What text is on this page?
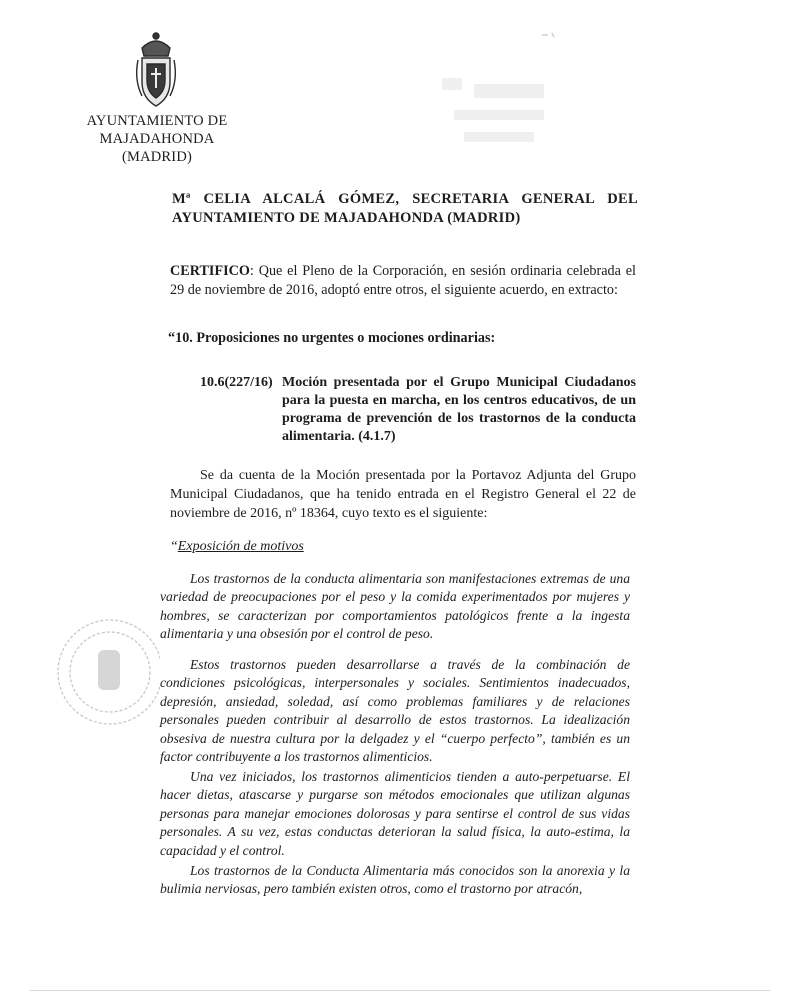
AYUNTAMIENTO DE
MAJADAHONDA
(MADRID)
Mª CELIA ALCALÁ GÓMEZ, SECRETARIA GENERAL DEL AYUNTAMIENTO DE MAJADAHONDA (MADRID)
CERTIFICO: Que el Pleno de la Corporación, en sesión ordinaria celebrada el 29 de noviembre de 2016, adoptó entre otros, el siguiente acuerdo, en extracto:
“10. Proposiciones no urgentes o mociones ordinarias:
10.6(227/16) Moción presentada por el Grupo Municipal Ciudadanos para la puesta en marcha, en los centros educativos, de un programa de prevención de los trastornos de la conducta alimentaria. (4.1.7)
Se da cuenta de la Moción presentada por la Portavoz Adjunta del Grupo Municipal Ciudadanos, que ha tenido entrada en el Registro General el 22 de noviembre de 2016, nº 18364, cuyo texto es el siguiente:
“Exposición de motivos
Los trastornos de la conducta alimentaria son manifestaciones extremas de una variedad de preocupaciones por el peso y la comida experimentados por mujeres y hombres, se caracterizan por comportamientos patológicos frente a la ingesta alimentaria y una obsesión por el control de peso.
Estos trastornos pueden desarrollarse a través de la combinación de condiciones psicológicas, interpersonales y sociales. Sentimientos inadecuados, depresión, ansiedad, soledad, así como problemas familiares y de relaciones personales pueden contribuir al desarrollo de estos trastornos. La idealización obsesiva de nuestra cultura por la delgadez y el “cuerpo perfecto”, también es un factor contribuyente a los trastornos alimenticios.
Una vez iniciados, los trastornos alimenticios tienden a auto-perpetuarse. El hacer dietas, atascarse y purgarse son métodos emocionales que utilizan algunas personas para manejar emociones dolorosas y para sentirse el control de sus vidas personales. A su vez, estas conductas deterioran la salud física, la auto-estima, la capacidad y el control.
Los trastornos de la Conducta Alimentaria más conocidos son la anorexia y la bulimia nerviosas, pero también existen otros, como el trastorno por atracón,
